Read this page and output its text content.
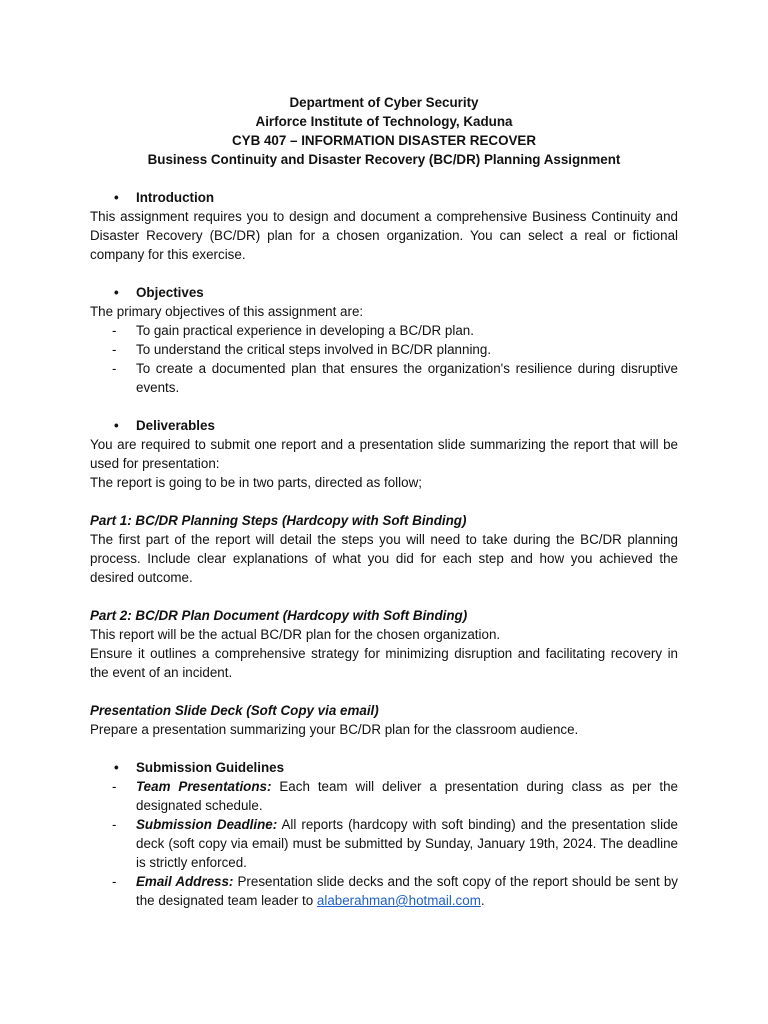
Department of Cyber Security
Airforce Institute of Technology, Kaduna
CYB 407 – INFORMATION DISASTER RECOVER
Business Continuity and Disaster Recovery (BC/DR) Planning Assignment
• Introduction
This assignment requires you to design and document a comprehensive Business Continuity and Disaster Recovery (BC/DR) plan for a chosen organization. You can select a real or fictional company for this exercise.
• Objectives
The primary objectives of this assignment are:
- To gain practical experience in developing a BC/DR plan.
- To understand the critical steps involved in BC/DR planning.
- To create a documented plan that ensures the organization's resilience during disruptive events.
• Deliverables
You are required to submit one report and a presentation slide summarizing the report that will be used for presentation:
The report is going to be in two parts, directed as follow;
Part 1: BC/DR Planning Steps (Hardcopy with Soft Binding)
The first part of the report will detail the steps you will need to take during the BC/DR planning process. Include clear explanations of what you did for each step and how you achieved the desired outcome.
Part 2: BC/DR Plan Document (Hardcopy with Soft Binding)
This report will be the actual BC/DR plan for the chosen organization.
Ensure it outlines a comprehensive strategy for minimizing disruption and facilitating recovery in the event of an incident.
Presentation Slide Deck (Soft Copy via email)
Prepare a presentation summarizing your BC/DR plan for the classroom audience.
• Submission Guidelines
- Team Presentations: Each team will deliver a presentation during class as per the designated schedule.
- Submission Deadline: All reports (hardcopy with soft binding) and the presentation slide deck (soft copy via email) must be submitted by Sunday, January 19th, 2024. The deadline is strictly enforced.
- Email Address: Presentation slide decks and the soft copy of the report should be sent by the designated team leader to alaberahman@hotmail.com.
